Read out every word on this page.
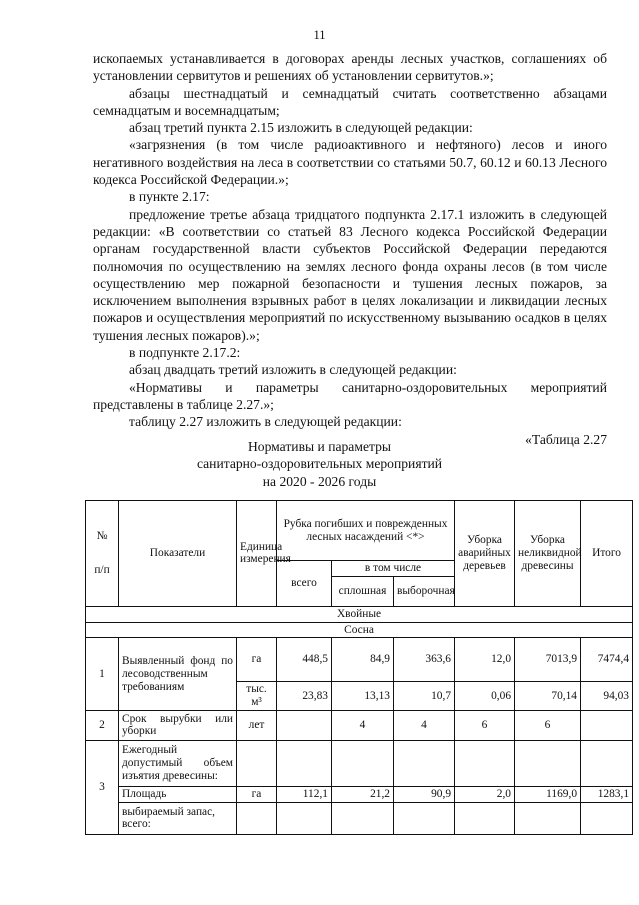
11

ископаемых устанавливается в договорах аренды лесных участков, соглашениях об установлении сервитутов и решениях об установлении сервитутов.»;

абзацы шестнадцатый и семнадцатый считать соответственно абзацами семнадцатым и восемнадцатым;

абзац третий пункта 2.15 изложить в следующей редакции:

«загрязнения (в том числе радиоактивного и нефтяного) лесов и иного негативного воздействия на леса в соответствии со статьями 50.7, 60.12 и 60.13 Лесного кодекса Российской Федерации.»;

в пункте 2.17:

предложение третье абзаца тридцатого подпункта 2.17.1 изложить в следующей редакции: «В соответствии со статьей 83 Лесного кодекса Российской Федерации органам государственной власти субъектов Российской Федерации передаются полномочия по осуществлению на землях лесного фонда охраны лесов (в том числе осуществлению мер пожарной безопасности и тушения лесных пожаров, за исключением выполнения взрывных работ в целях локализации и ликвидации лесных пожаров и осуществления мероприятий по искусственному вызыванию осадков в целях тушения лесных пожаров).»;

в подпункте 2.17.2:

абзац двадцать третий изложить в следующей редакции:

«Нормативы и параметры санитарно-оздоровительных мероприятий представлены в таблице 2.27.»;

таблицу 2.27 изложить в следующей редакции:

«Таблица 2.27

Нормативы и параметры
санитарно-оздоровительных мероприятий
на 2020 - 2026 годы
№
п/п	Показатели	Единица измерения	Рубка погибших и поврежденных лесных насаждений <*>			Уборка аварийных деревьев	Уборка неликвидной древесины	Итого
			всего	в том числе				
				сплошная	выборочная			
Хвойные								
Сосна								
1	Выявленный фонд по лесоводственным требованиям	га	448,5	84,9	363,6	12,0	7013,9	7474,4
		тыс. м³	23,83	13,13	10,7	0,06	70,14	94,03
2	Срок вырубки или уборки	лет		4	4	6	6	
3	Ежегодный допустимый объем изъятия древесины:							
	Площадь	га	112,1	21,2	90,9	2,0	1169,0	1283,1
	выбираемый запас, всего:							
